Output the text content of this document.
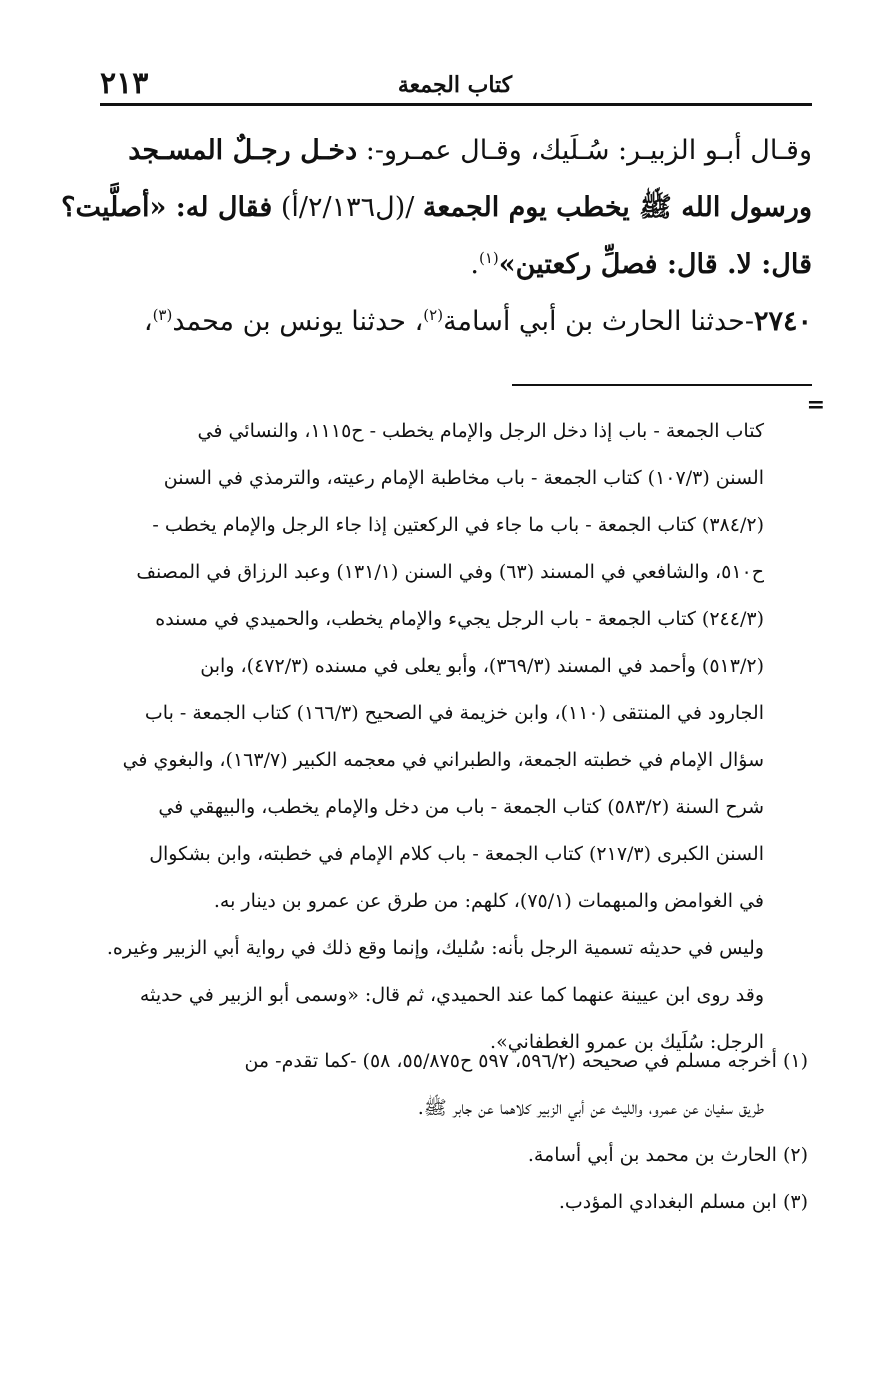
٢١٣	كتاب الجمعة
وقـال أبـو الزبيـر: سُـلَيك، وقـال عمـرو-: دخـل رجـلٌ المسـجد
ورسول الله ﷺ يخطب يوم الجمعة /(ل٢/١٣٦/أ) فقال له: «أصلَّيت؟
قال: لا. قال: فصلِّ ركعتين»$^{(١)}$.
٢٧٤٠-حدثنا الحارث بن أبي أسامة$^{(٢)}$، حدثنا يونس بن محمد$^{(٣)}$،
=
كتاب الجمعة - باب إذا دخل الرجل والإمام يخطب - ح١١١٥، والنسائي في
السنن (١٠٧/٣) كتاب الجمعة - باب مخاطبة الإمام رعيته، والترمذي في السنن
(٣٨٤/٢) كتاب الجمعة - باب ما جاء في الركعتين إذا جاء الرجل والإمام يخطب -
ح٥١٠، والشافعي في المسند (٦٣) وفي السنن (١٣١/١) وعبد الرزاق في المصنف
(٢٤٤/٣) كتاب الجمعة - باب الرجل يجيء والإمام يخطب، والحميدي في مسنده
(٥١٣/٢) وأحمد في المسند (٣٦٩/٣)، وأبو يعلى في مسنده (٤٧٢/٣)، وابن
الجارود في المنتقى (١١٠)، وابن خزيمة في الصحيح (١٦٦/٣) كتاب الجمعة - باب
سؤال الإمام في خطبته الجمعة، والطبراني في معجمه الكبير (١٦٣/٧)، والبغوي في
شرح السنة (٥٨٣/٢) كتاب الجمعة - باب من دخل والإمام يخطب، والبيهقي في
السنن الكبرى (٢١٧/٣) كتاب الجمعة - باب كلام الإمام في خطبته، وابن بشكوال
في الغوامض والمبهمات (٧٥/١)، كلهم: من طرق عن عمرو بن دينار به.
وليس في حديثه تسمية الرجل بأنه: سُليك، وإنما وقع ذلك في رواية أبي الزبير وغيره.
وقد روى ابن عيينة عنهما كما عند الحميدي، ثم قال: «وسمى أبو الزبير في حديثه
الرجل: سُلَيك بن عمرو الغطفاني».
(١) أخرجه مسلم في صحيحه (٥٩٦/٢، ٥٩٧ ح٥٥/٨٧٥، ٥٨) -كما تقدم- من
طريق سفيان عن عمرو، والليث عن أبي الزبير كلاهما عن جابر ﷺ.
(٢) الحارث بن محمد بن أبي أسامة.
(٣) ابن مسلم البغدادي المؤدب.
